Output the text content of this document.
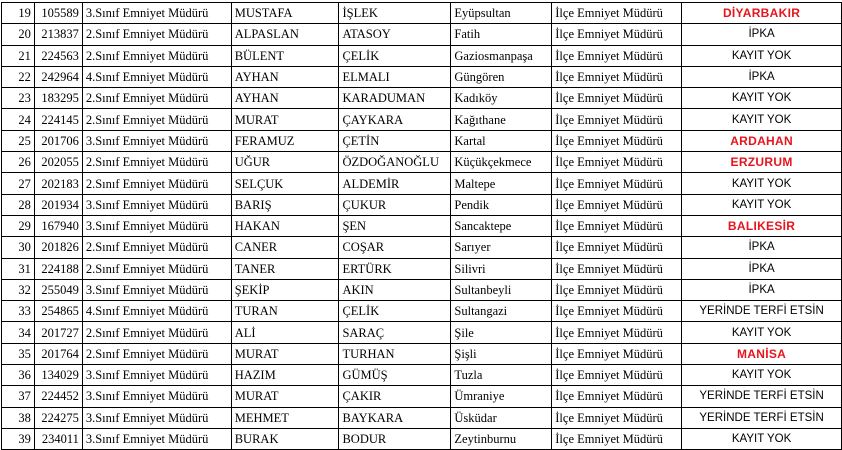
19	105589	3.Sınıf Emniyet Müdürü	MUSTAFA	İŞLEK	Eyüpsultan	İlçe Emniyet Müdürü	DİYARBAKIR
20	213837	2.Sınıf Emniyet Müdürü	ALPASLAN	ATASOY	Fatih	İlçe Emniyet Müdürü	İPKA
21	224563	2.Sınıf Emniyet Müdürü	BÜLENT	ÇELİK	Gaziosmanpaşa	İlçe Emniyet Müdürü	KAYIT YOK
22	242964	4.Sınıf Emniyet Müdürü	AYHAN	ELMALI	Güngören	İlçe Emniyet Müdürü	İPKA
23	183295	2.Sınıf Emniyet Müdürü	AYHAN	KARADUMAN	Kadıköy	İlçe Emniyet Müdürü	KAYIT YOK
24	224145	2.Sınıf Emniyet Müdürü	MURAT	ÇAYKARA	Kağıthane	İlçe Emniyet Müdürü	KAYIT YOK
25	201706	3.Sınıf Emniyet Müdürü	FERAMUZ	ÇETİN	Kartal	İlçe Emniyet Müdürü	ARDAHAN
26	202055	2.Sınıf Emniyet Müdürü	UĞUR	ÖZDOĞANOĞLU	Küçükçekmece	İlçe Emniyet Müdürü	ERZURUM
27	202183	2.Sınıf Emniyet Müdürü	SELÇUK	ALDEMİR	Maltepe	İlçe Emniyet Müdürü	KAYIT YOK
28	201934	3.Sınıf Emniyet Müdürü	BARIŞ	ÇUKUR	Pendik	İlçe Emniyet Müdürü	KAYIT YOK
29	167940	3.Sınıf Emniyet Müdürü	HAKAN	ŞEN	Sancaktepe	İlçe Emniyet Müdürü	BALIKESİR
30	201826	2.Sınıf Emniyet Müdürü	CANER	COŞAR	Sarıyer	İlçe Emniyet Müdürü	İPKA
31	224188	2.Sınıf Emniyet Müdürü	TANER	ERTÜRK	Silivri	İlçe Emniyet Müdürü	İPKA
32	255049	3.Sınıf Emniyet Müdürü	ŞEKİP	AKIN	Sultanbeyli	İlçe Emniyet Müdürü	İPKA
33	254865	4.Sınıf Emniyet Müdürü	TURAN	ÇELİK	Sultangazi	İlçe Emniyet Müdürü	YERİNDE TERFİ ETSİN
34	201727	2.Sınıf Emniyet Müdürü	ALİ	SARAÇ	Şile	İlçe Emniyet Müdürü	KAYIT YOK
35	201764	2.Sınıf Emniyet Müdürü	MURAT	TURHAN	Şişli	İlçe Emniyet Müdürü	MANİSA
36	134029	3.Sınıf Emniyet Müdürü	HAZIM	GÜMÜŞ	Tuzla	İlçe Emniyet Müdürü	KAYIT YOK
37	224452	3.Sınıf Emniyet Müdürü	MURAT	ÇAKIR	Ümraniye	İlçe Emniyet Müdürü	YERİNDE TERFİ ETSİN
38	224275	3.Sınıf Emniyet Müdürü	MEHMET	BAYKARA	Üsküdar	İlçe Emniyet Müdürü	YERİNDE TERFİ ETSİN
39	234011	3.Sınıf Emniyet Müdürü	BURAK	BODUR	Zeytinburnu	İlçe Emniyet Müdürü	KAYIT YOK
